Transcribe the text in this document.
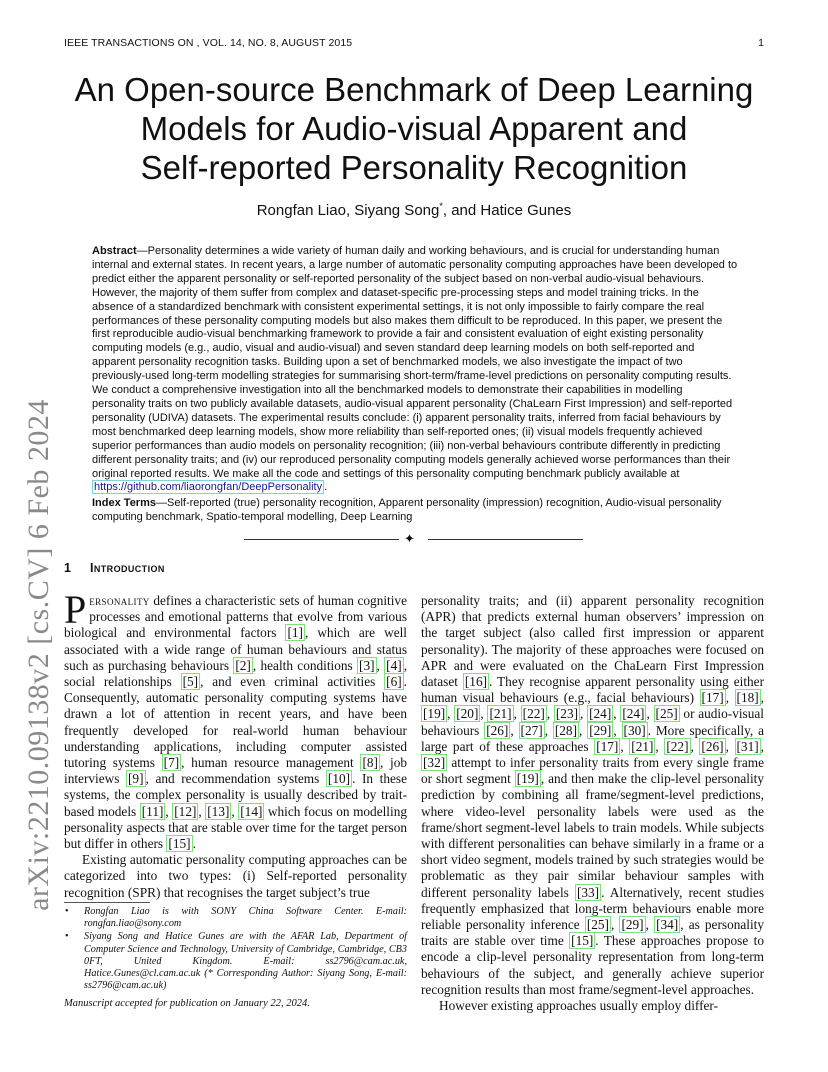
IEEE TRANSACTIONS ON , VOL. 14, NO. 8, AUGUST 2015	1
arXiv:2210.09138v2 [cs.CV] 6 Feb 2024
An Open-source Benchmark of Deep Learning
Models for Audio-visual Apparent and
Self-reported Personality Recognition
Rongfan Liao, Siyang Song*, and Hatice Gunes

Abstract—Personality determines a wide variety of human daily and working behaviours, and is crucial for understanding human internal and external states. In recent years, a large number of automatic personality computing approaches have been developed to predict either the apparent personality or self-reported personality of the subject based on non-verbal audio-visual behaviours. However, the majority of them suffer from complex and dataset-specific pre-processing steps and model training tricks. In the absence of a standardized benchmark with consistent experimental settings, it is not only impossible to fairly compare the real performances of these personality computing models but also makes them difficult to be reproduced. In this paper, we present the first reproducible audio-visual benchmarking framework to provide a fair and consistent evaluation of eight existing personality computing models (e.g., audio, visual and audio-visual) and seven standard deep learning models on both self-reported and apparent personality recognition tasks. Building upon a set of benchmarked models, we also investigate the impact of two previously-used long-term modelling strategies for summarising short-term/frame-level predictions on personality computing results. We conduct a comprehensive investigation into all the benchmarked models to demonstrate their capabilities in modelling personality traits on two publicly available datasets, audio-visual apparent personality (ChaLearn First Impression) and self-reported personality (UDIVA) datasets. The experimental results conclude: (i) apparent personality traits, inferred from facial behaviours by most benchmarked deep learning models, show more reliability than self-reported ones; (ii) visual models frequently achieved superior performances than audio models on personality recognition; (iii) non-verbal behaviours contribute differently in predicting different personality traits; and (iv) our reproduced personality computing models generally achieved worse performances than their original reported results. We make all the code and settings of this personality computing benchmark publicly available at https://github.com/liaorongfan/DeepPersonality .

Index Terms—Self-reported (true) personality recognition, Apparent personality (impression) recognition, Audio-visual personality computing benchmark, Spatio-temporal modelling, Deep Learning

✦
1 Introduction

Personality defines a characteristic sets of human cognitive processes and emotional patterns that evolve from various biological and environmental factors [1] , which are well associated with a wide range of human behaviours and status such as purchasing behaviours [2] , health conditions [3] , [4] , social relationships [5] , and even criminal activities [6] . Consequently, automatic personality computing systems have drawn a lot of attention in recent years, and have been frequently developed for real-world human behaviour understanding applications, including computer assisted tutoring systems [7] , human resource management [8] , job interviews [9] , and recommendation systems [10] . In these systems, the complex personality is usually described by trait-based models [11] , [12] , [13] , [14] which focus on modelling personality aspects that are stable over time for the target person but differ in others [15] .

Existing automatic personality computing approaches can be categorized into two types: (i) Self-reported personality recognition (SPR) that recognises the target subject’s true

• Rongfan Liao is with SONY China Software Center. E-mail: rongfan.liao@sony.com
• Siyang Song and Hatice Gunes are with the AFAR Lab, Department of Computer Science and Technology, University of Cambridge, Cambridge, CB3 0FT, United Kingdom. E-mail: ss2796@cam.ac.uk, Hatice.Gunes@cl.cam.ac.uk (* Corresponding Author: Siyang Song, E-mail: ss2796@cam.ac.uk)
Manuscript accepted for publication on January 22, 2024.

personality traits; and (ii) apparent personality recognition (APR) that predicts external human observers’ impression on the target subject (also called first impression or apparent personality). The majority of these approaches were focused on APR and were evaluated on the ChaLearn First Impression dataset [16] . They recognise apparent personality using either human visual behaviours (e.g., facial behaviours) [17] , [18] , [19] , [20] , [21] , [22] , [23] , [24] , [24] , [25] or audio-visual behaviours [26] , [27] , [28] , [29] , [30] . More specifically, a large part of these approaches [17] , [21] , [22] , [26] , [31] , [32] attempt to infer personality traits from every single frame or short segment [19] , and then make the clip-level personality prediction by combining all frame/segment-level predictions, where video-level personality labels were used as the frame/short segment-level labels to train models. While subjects with different personalities can behave similarly in a frame or a short video segment, models trained by such strategies would be problematic as they pair similar behaviour samples with different personality labels [33] . Alternatively, recent studies frequently emphasized that long-term behaviours enable more reliable personality inference [25] , [29] , [34] , as personality traits are stable over time [15] . These approaches propose to encode a clip-level personality representation from long-term behaviours of the subject, and generally achieve superior recognition results than most frame/segment-level approaches.

However existing approaches usually employ differ-
